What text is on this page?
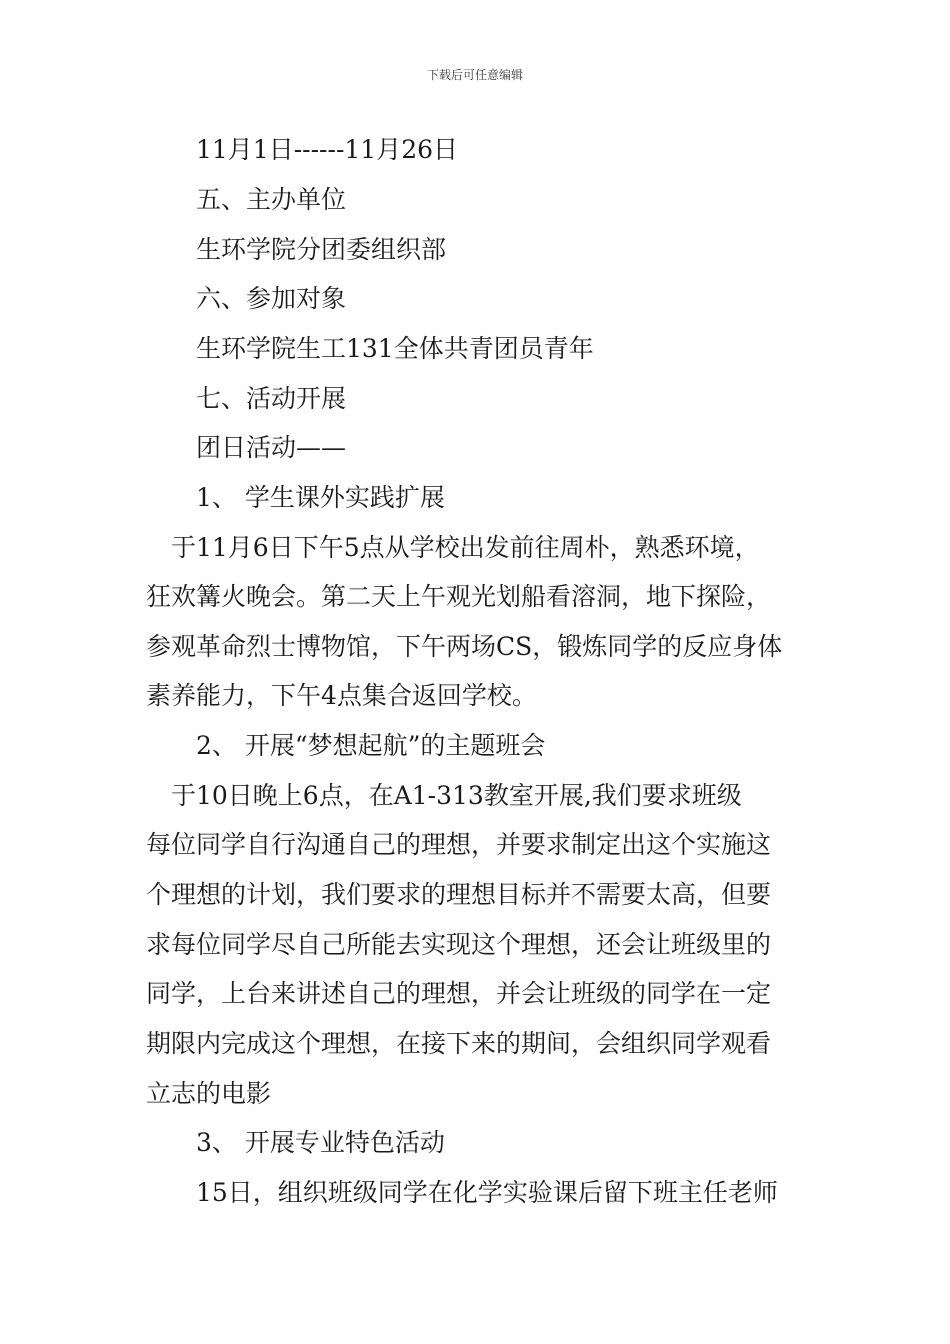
下载后可任意编辑
11月1日------11月26日
五、主办单位
生环学院分团委组织部
六、参加对象
生环学院生工131全体共青团员青年
七、活动开展
团日活动——
1、 学生课外实践扩展
于11月6日下午5点从学校出发前往周朴，熟悉环境，
狂欢篝火晚会。第二天上午观光划船看溶洞，地下探险，
参观革命烈士博物馆，下午两场CS，锻炼同学的反应身体
素养能力，下午4点集合返回学校。
2、 开展“梦想起航”的主题班会
于10日晚上6点，在A1-313教室开展,我们要求班级
每位同学自行沟通自己的理想，并要求制定出这个实施这
个理想的计划，我们要求的理想目标并不需要太高，但要
求每位同学尽自己所能去实现这个理想，还会让班级里的
同学，上台来讲述自己的理想，并会让班级的同学在一定
期限内完成这个理想，在接下来的期间，会组织同学观看
立志的电影
3、 开展专业特色活动
15日，组织班级同学在化学实验课后留下班主任老师
